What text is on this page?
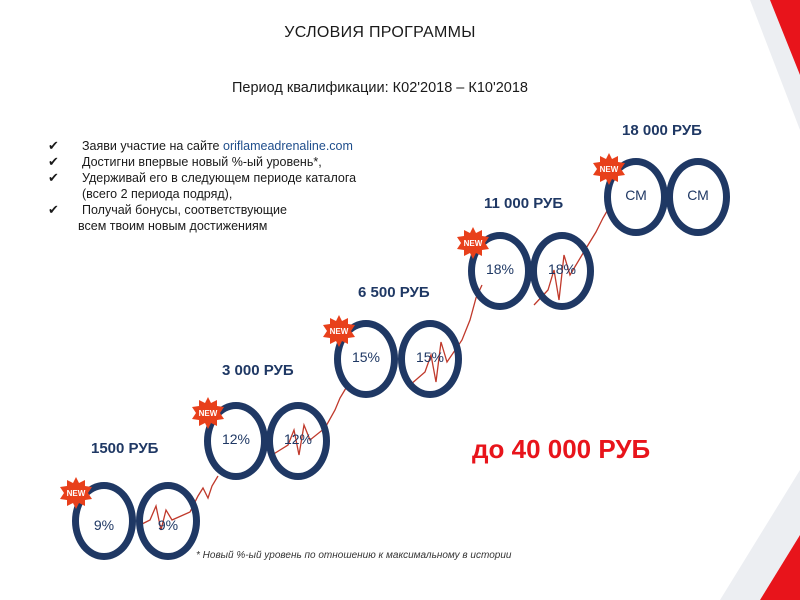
УСЛОВИЯ ПРОГРАММЫ
Период квалификации: К02'2018 – К10'2018
✔ Заяви участие на сайте oriflameadrenaline.com
✔ Достигни впервые новый %-ый уровень*,
✔ Удерживай его в следующем периоде каталога
(всего 2 периода подряд),
✔ Получай бонусы, соответствующие
всем твоим новым достижениям
1500 РУБ
9%	9%
NEW
3 000 РУБ
12%	12%
NEW
6 500 РУБ
15%	15%
NEW
11 000 РУБ
18%	18%
NEW
18 000 РУБ
СМ	СМ
NEW
до 40 000 РУБ
* Новый %-ый уровень по отношению к максимальному в истории
